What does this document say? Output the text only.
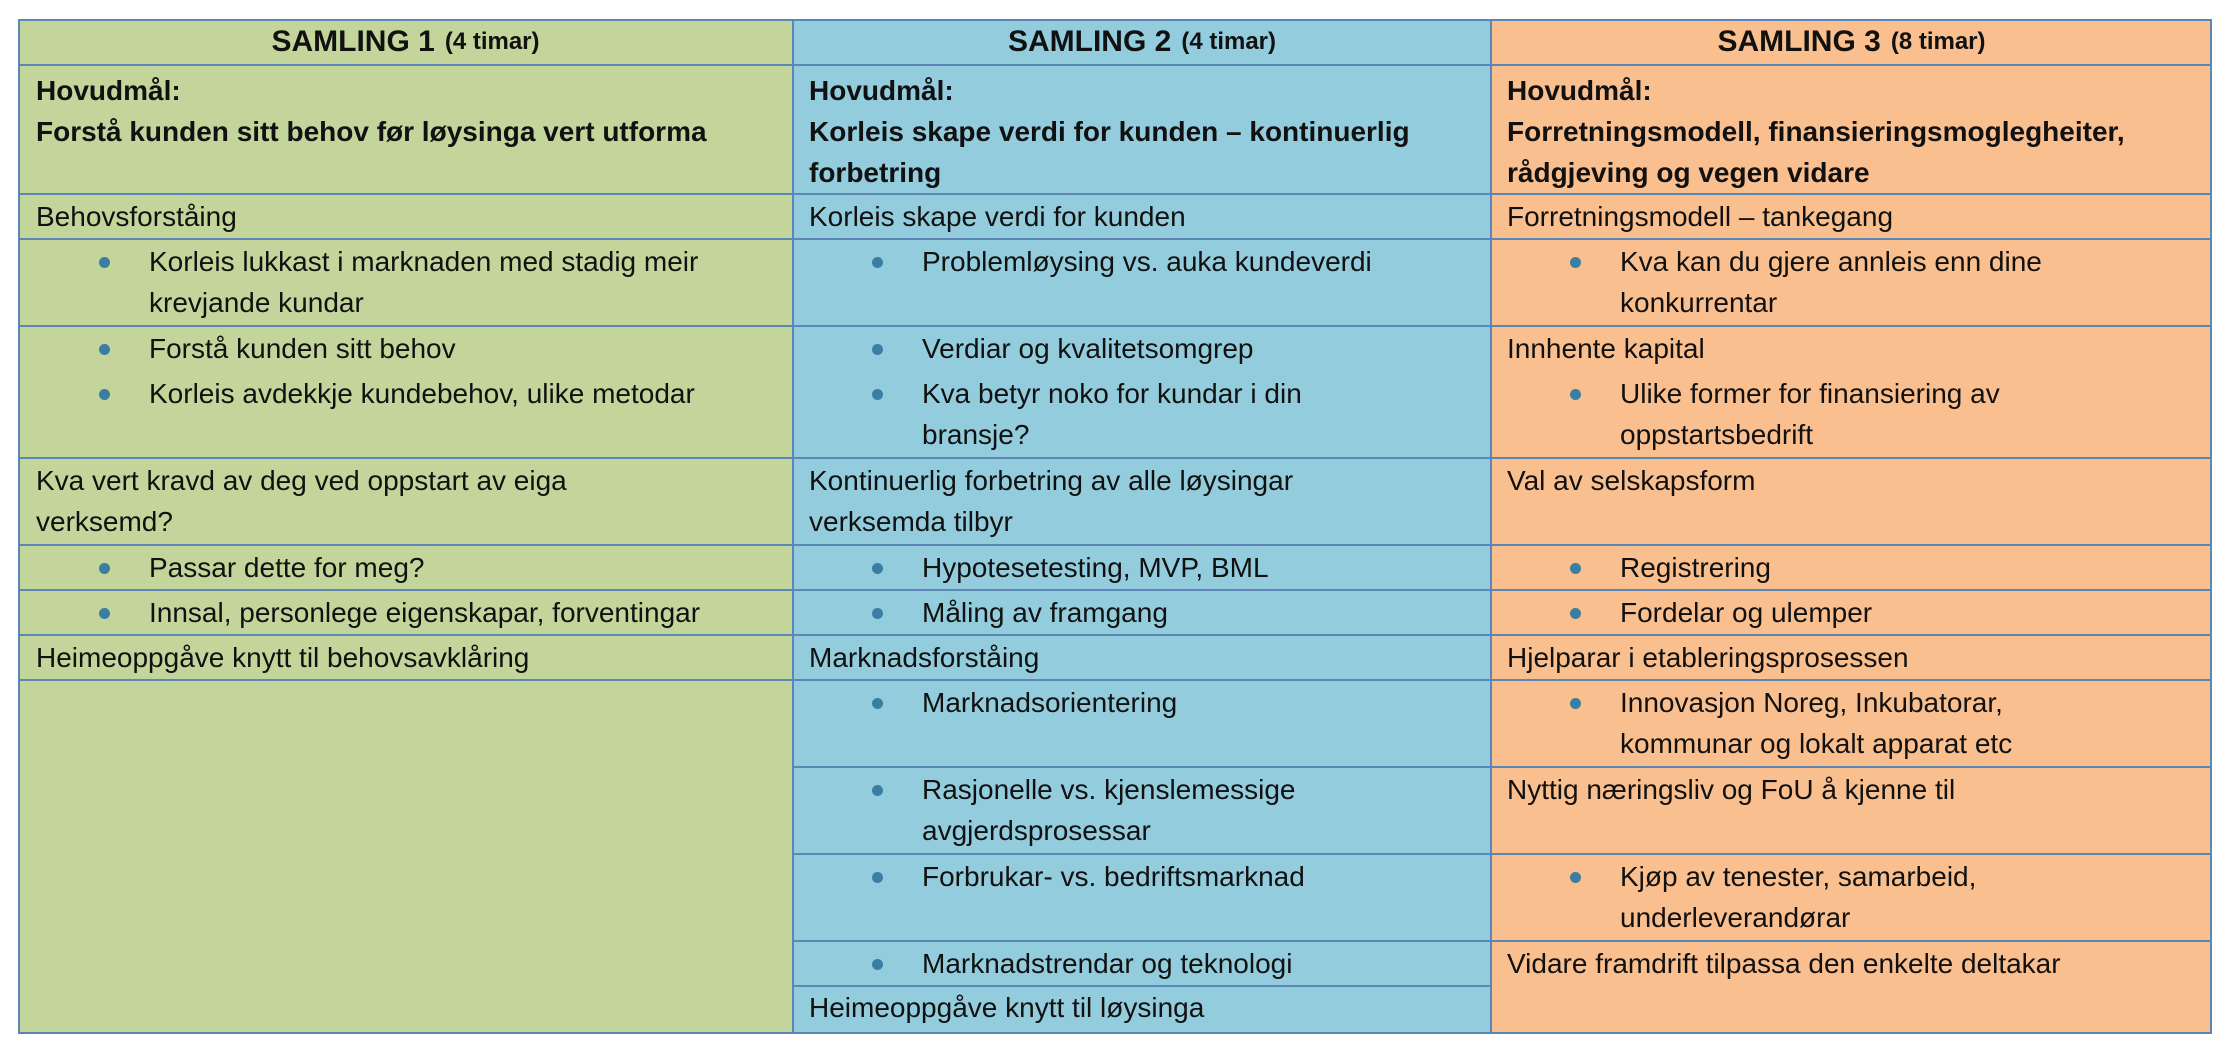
SAMLING 1 (4 timar)	SAMLING 2 (4 timar)	SAMLING 3 (8 timar)
Hovudmål:
Forstå kunden sitt behov før løysinga vert utforma
Hovudmål:
Korleis skape verdi for kunden – kontinuerlig
forbetring
Hovudmål:
Forretningsmodell, finansieringsmoglegheiter,
rådgjeving og vegen vidare
Behovsforståing
Korleis lukkast i marknaden med stadig meir
krevjande kundar
Forstå kunden sitt behov
Korleis avdekkje kundebehov, ulike metodar
Kva vert kravd av deg ved oppstart av eiga
verksemd?
Passar dette for meg?
Innsal, personlege eigenskapar, forventingar
Heimeoppgåve knytt til behovsavklåring
Korleis skape verdi for kunden
Problemløysing vs. auka kundeverdi
Verdiar og kvalitetsomgrep
Kva betyr noko for kundar i din
bransje?
Kontinuerlig forbetring av alle løysingar
verksemda tilbyr
Hypotesetesting, MVP, BML
Måling av framgang
Marknadsforståing
Marknadsorientering
Rasjonelle vs. kjenslemessige
avgjerdsprosessar
Forbrukar- vs. bedriftsmarknad
Marknadstrendar og teknologi
Heimeoppgåve knytt til løysinga
Forretningsmodell – tankegang
Kva kan du gjere annleis enn dine
konkurrentar
Innhente kapital
Ulike former for finansiering av
oppstartsbedrift
Val av selskapsform
Registrering
Fordelar og ulemper
Hjelparar i etableringsprosessen
Innovasjon Noreg, Inkubatorar,
kommunar og lokalt apparat etc
Nyttig næringsliv og FoU å kjenne til
Kjøp av tenester, samarbeid,
underleverandørar
Vidare framdrift tilpassa den enkelte deltakar
